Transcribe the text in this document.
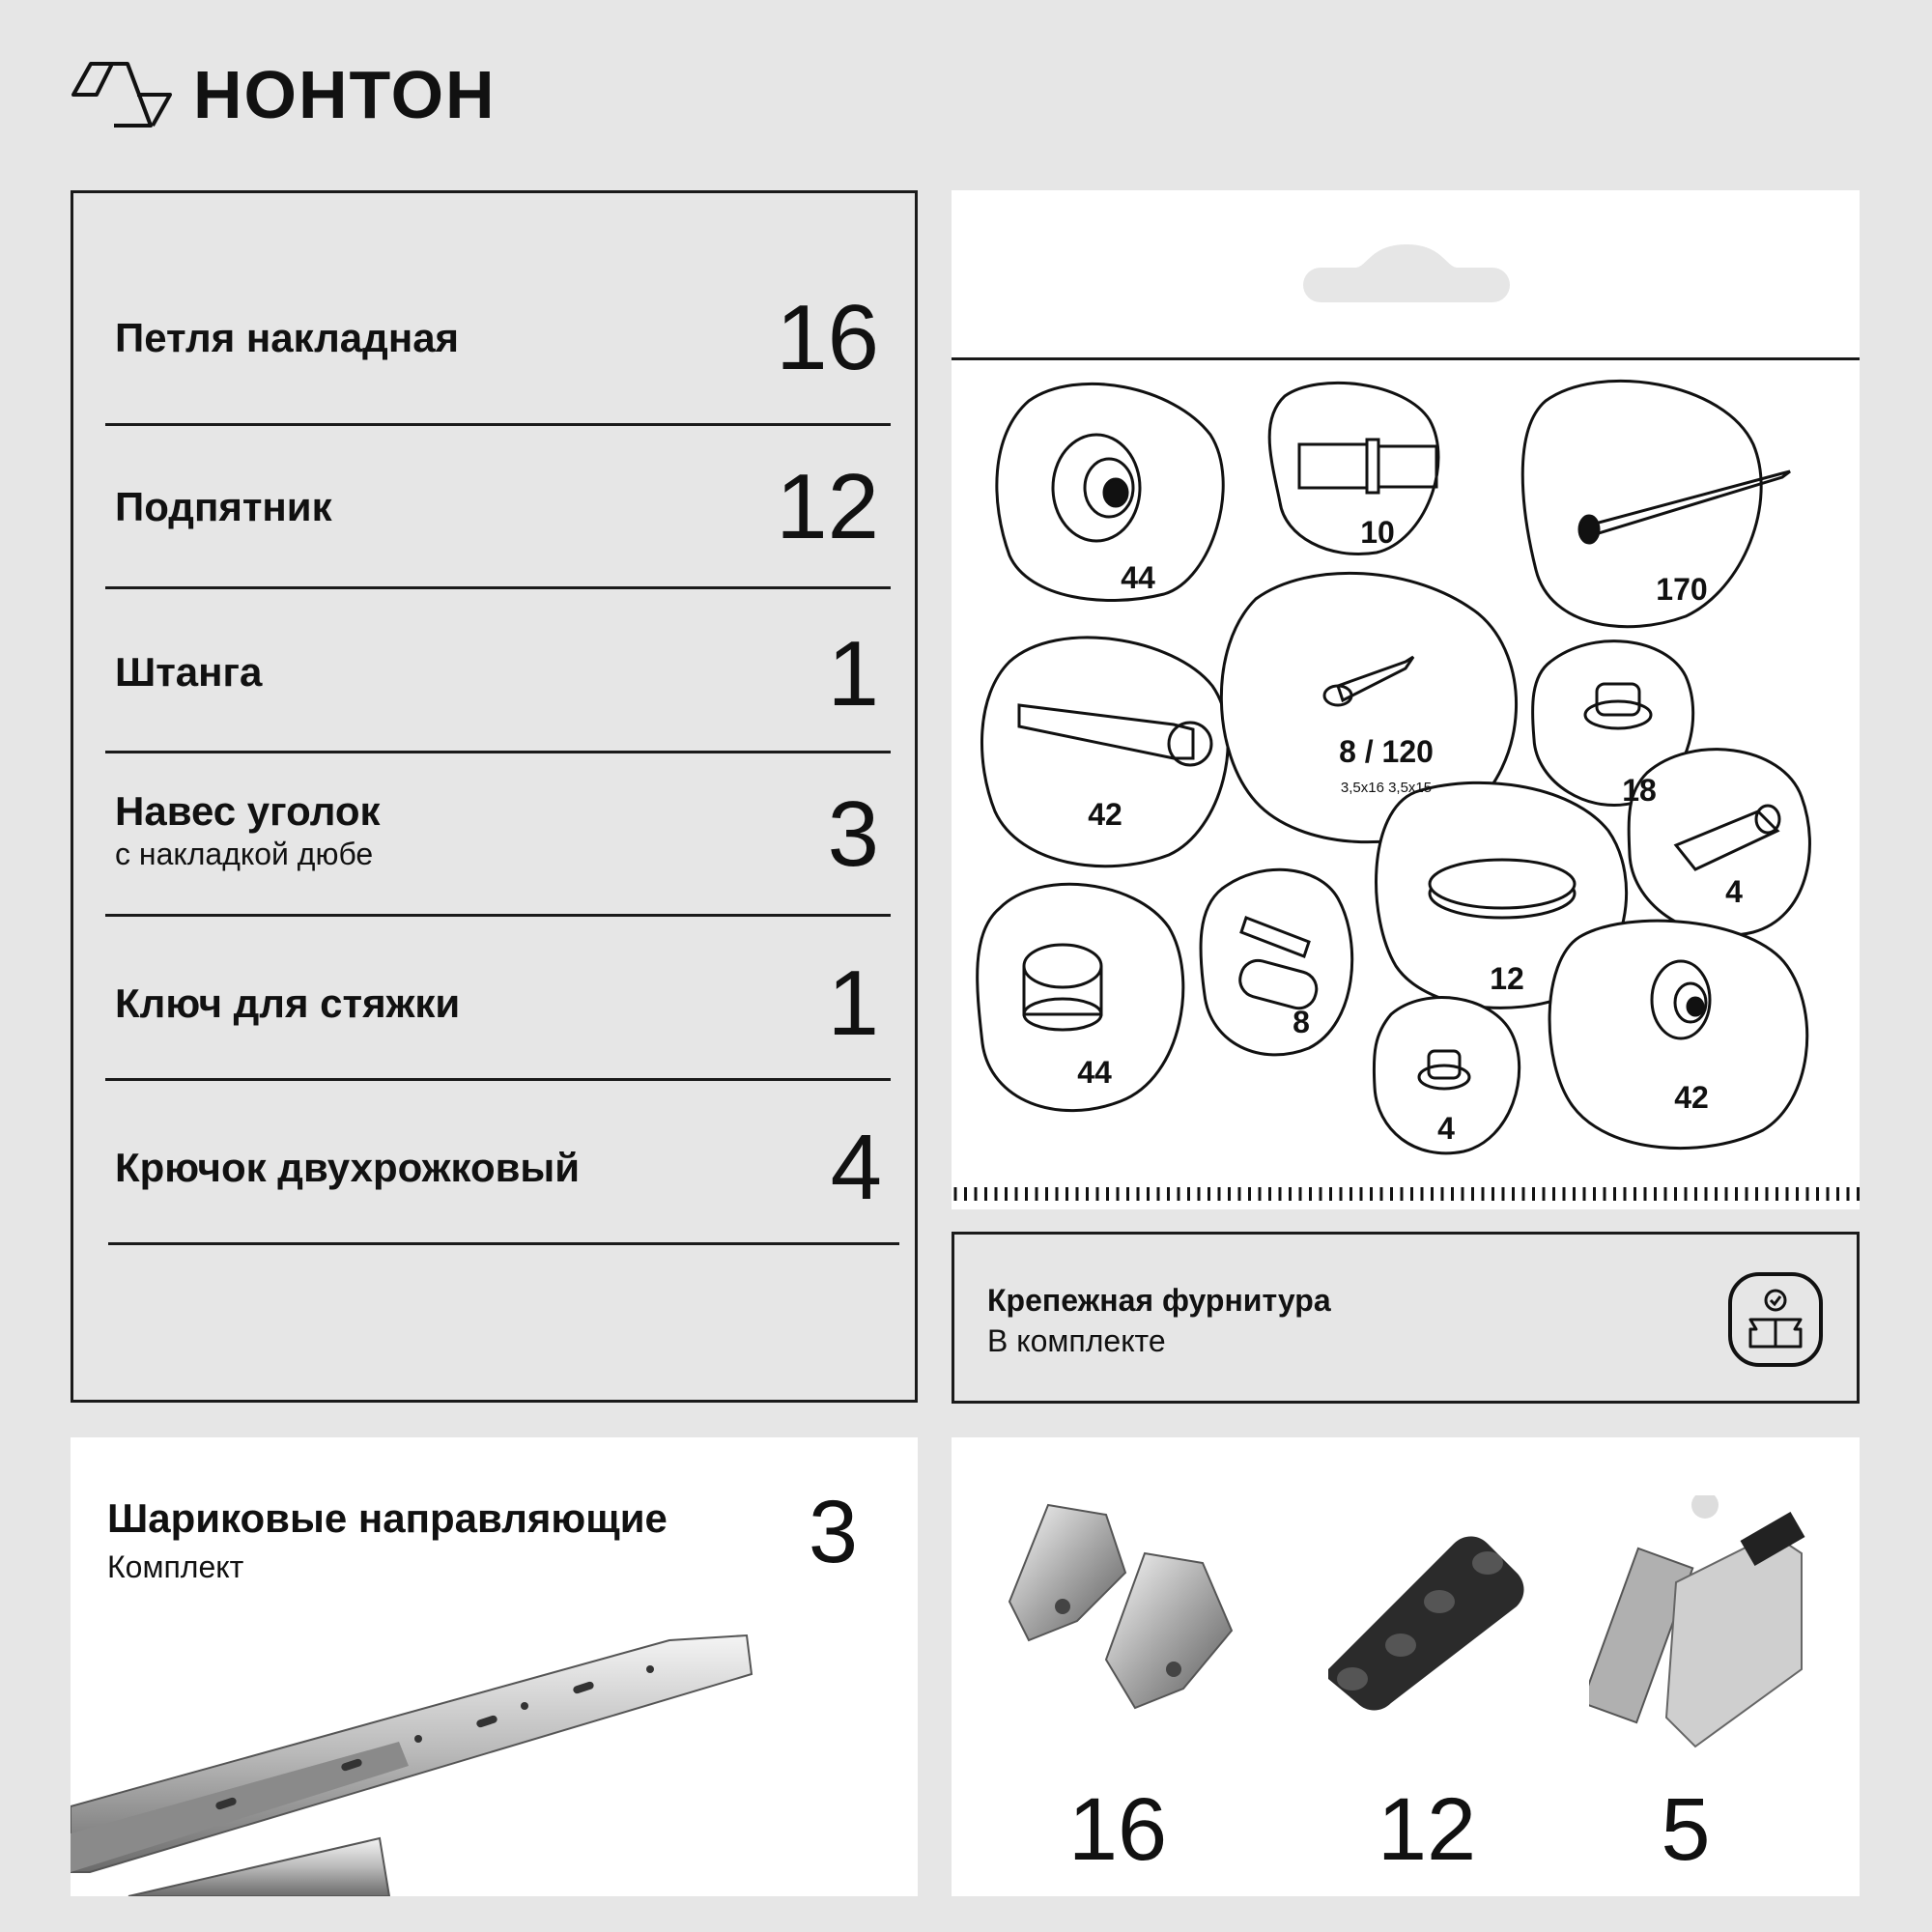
НОНТОН
Петля накладная	16
Подпятник	12
Штанга	1
Навес уголок
с накладкой дюбе	3
Ключ для стяжки	1
Крючок двухрожковый	4
44
10
170
42
8 / 120
3,5x16 3,5x15	18
4
44
8
12
4
42
Крепежная фурнитура
В комплекте
Шариковые направляющие
Комплект	3
16	12	5
